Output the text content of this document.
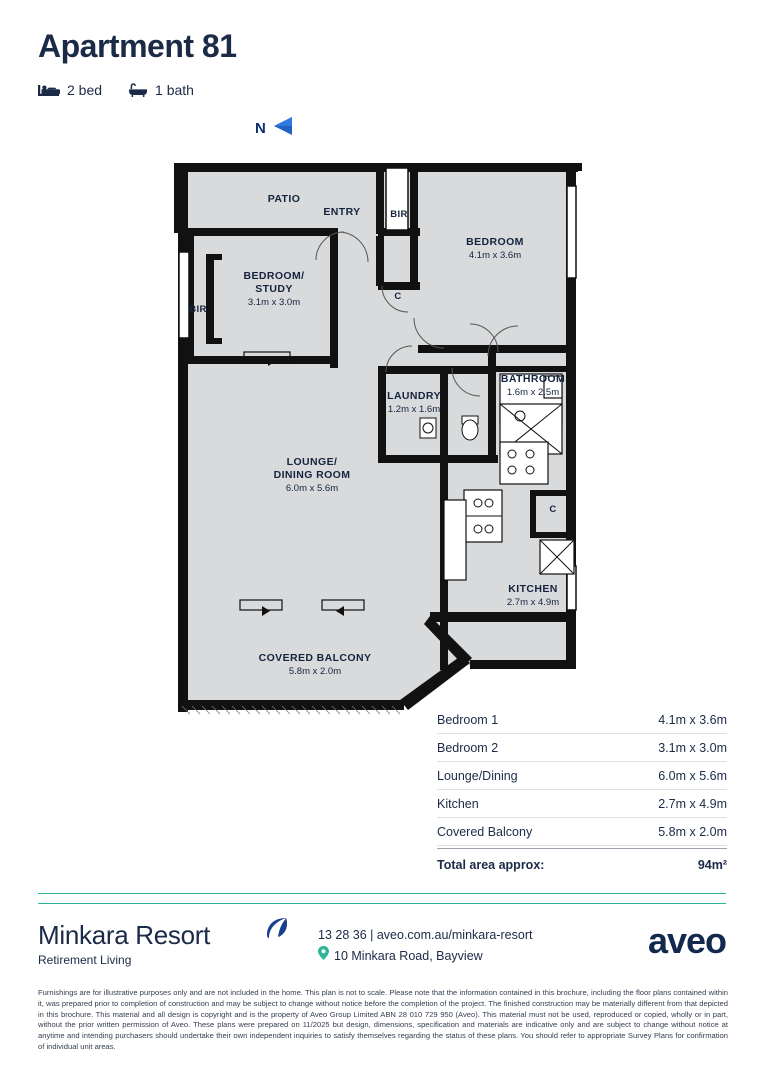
Apartment 81
2 bed	1 bath
N
PATIO
ENTRY	BIR
BEDROOM
4.1m x 3.6m
C
BIR
BEDROOM/
STUDY
3.1m x 3.0m
BATHROOM
1.6m x 2.5m
LAUNDRY
1.2m x 1.6m
LOUNGE/
DINING ROOM
6.0m x 5.6m
C
KITCHEN
2.7m x 4.9m
COVERED BALCONY
5.8m x 2.0m
Bedroom 1	4.1m x 3.6m
Bedroom 2	3.1m x 3.0m
Lounge/Dining	6.0m x 5.6m
Kitchen	2.7m x 4.9m
Covered Balcony	5.8m x 2.0m
Total area approx:	94m²
Minkara Resort
Retirement Living
13 28 36 | aveo.com.au/minkara-resort
10 Minkara Road, Bayview	aveo
Furnishings are for illustrative purposes only and are not included in the home. This plan is not to scale. Please note that the information contained in this brochure, including the floor plans contained within it, was prepared prior to completion of construction and may be subject to change without notice before the completion of the project. The finished construction may be materially different from that depicted in this brochure. This material and all design is copyright and is the property of Aveo Group Limited ABN 28 010 729 950 (Aveo). This material must not be used, reproduced or copied, wholly or in part, without the prior written permission of Aveo. These plans were prepared on 11/2025 but design, dimensions, specification and materials are indicative only and are subject to change without notice at anytime and intending purchasers should undertake their own independent inquiries to satisfy themselves regarding the status of these plans. You should refer to appropriate Survey Plans for confirmation of individual unit areas.
